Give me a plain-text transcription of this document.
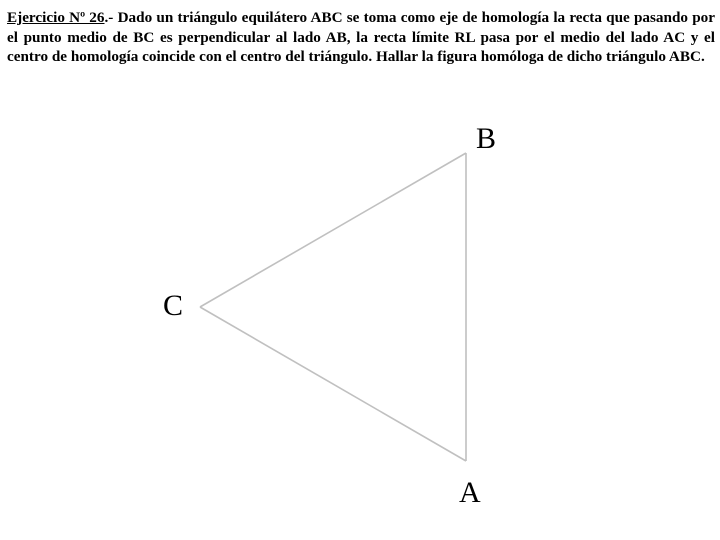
Ejercicio Nº 26.- Dado un triángulo equilátero ABC se toma como eje de homología la recta que pasando por el punto medio de BC es perpendicular al lado AB, la recta límite RL pasa por el medio del lado AC y el centro de homología coincide con el centro del triángulo. Hallar la figura homóloga de dicho triángulo ABC.
B
C
A
